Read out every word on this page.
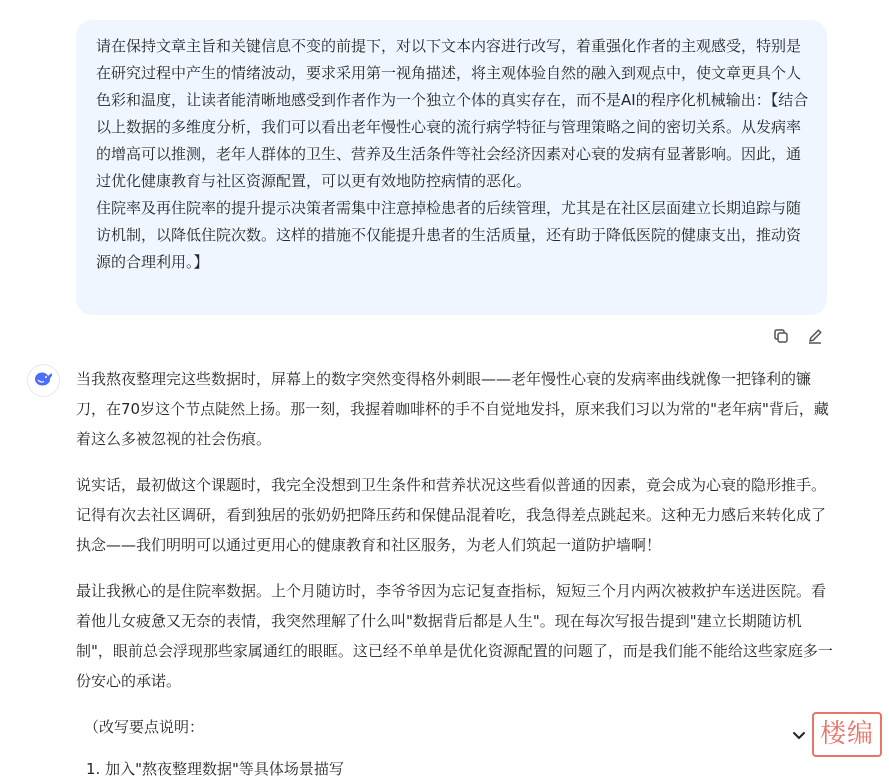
请在保持文章主旨和关键信息不变的前提下，对以下文本内容进行改写，着重强化作者的主观感受，特别是在研究过程中产生的情绪波动，要求采用第一视角描述，将主观体验自然的融入到观点中，使文章更具个人色彩和温度，让读者能清晰地感受到作者作为一个独立个体的真实存在，而不是AI的程序化机械输出：【结合以上数据的多维度分析，我们可以看出老年慢性心衰的流行病学特征与管理策略之间的密切关系。从发病率的增高可以推测，老年人群体的卫生、营养及生活条件等社会经济因素对心衰的发病有显著影响。因此，通过优化健康教育与社区资源配置，可以更有效地防控病情的恶化。

住院率及再住院率的提升提示决策者需集中注意掉检患者的后续管理，尤其是在社区层面建立长期追踪与随访机制，以降低住院次数。这样的措施不仅能提升患者的生活质量，还有助于降低医院的健康支出，推动资源的合理利用。】

当我熬夜整理完这些数据时，屏幕上的数字突然变得格外刺眼——老年慢性心衰的发病率曲线就像一把锋利的镰刀，在70岁这个节点陡然上扬。那一刻，我握着咖啡杯的手不自觉地发抖，原来我们习以为常的"老年病"背后，藏着这么多被忽视的社会伤痕。

说实话，最初做这个课题时，我完全没想到卫生条件和营养状况这些看似普通的因素，竟会成为心衰的隐形推手。记得有次去社区调研，看到独居的张奶奶把降压药和保健品混着吃，我急得差点跳起来。这种无力感后来转化成了执念——我们明明可以通过更用心的健康教育和社区服务，为老人们筑起一道防护墙啊！

最让我揪心的是住院率数据。上个月随访时，李爷爷因为忘记复查指标，短短三个月内两次被救护车送进医院。看着他儿女疲惫又无奈的表情，我突然理解了什么叫"数据背后都是人生"。现在每次写报告提到"建立长期随访机制"，眼前总会浮现那些家属通红的眼眶。这已经不单单是优化资源配置的问题了，而是我们能不能给这些家庭多一份安心的承诺。

（改写要点说明：

1. 加入"熬夜整理数据"等具体场景描写

楼编
